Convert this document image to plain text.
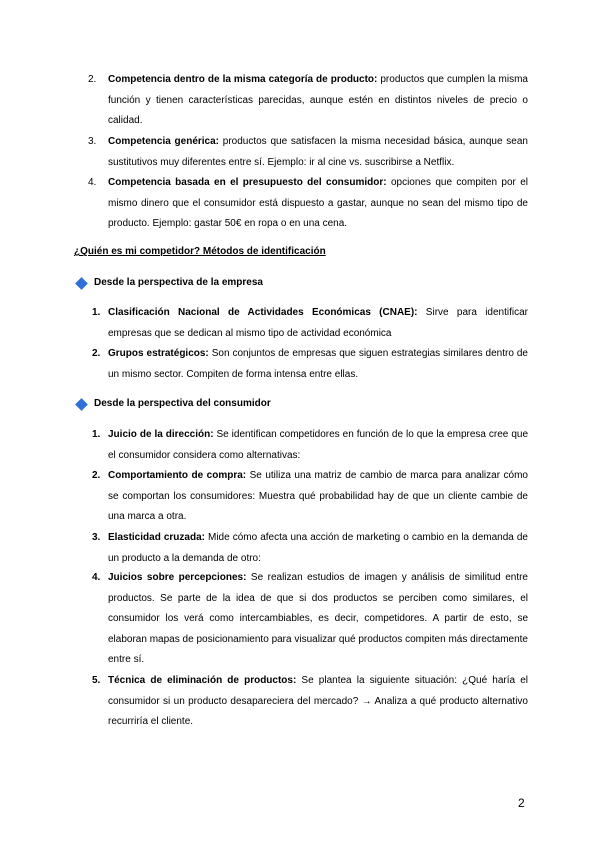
2.	Competencia dentro de la misma categoría de producto: productos que cumplen la misma función y tienen características parecidas, aunque estén en distintos niveles de precio o calidad.
3.	Competencia genérica: productos que satisfacen la misma necesidad básica, aunque sean sustitutivos muy diferentes entre sí. Ejemplo: ir al cine vs. suscribirse a Netflix.
4.	Competencia basada en el presupuesto del consumidor: opciones que compiten por el mismo dinero que el consumidor está dispuesto a gastar, aunque no sean del mismo tipo de producto. Ejemplo: gastar 50€ en ropa o en una cena.
¿Quién es mi competidor? Métodos de identificación
Desde la perspectiva de la empresa
1. Clasificación Nacional de Actividades Económicas (CNAE): Sirve para identificar empresas que se dedican al mismo tipo de actividad económica
2. Grupos estratégicos: Son conjuntos de empresas que siguen estrategias similares dentro de un mismo sector. Compiten de forma intensa entre ellas.
Desde la perspectiva del consumidor
1. Juicio de la dirección: Se identifican competidores en función de lo que la empresa cree que el consumidor considera como alternativas:
2. Comportamiento de compra: Se utiliza una matriz de cambio de marca para analizar cómo se comportan los consumidores: Muestra qué probabilidad hay de que un cliente cambie de una marca a otra.
3. Elasticidad cruzada: Mide cómo afecta una acción de marketing o cambio en la demanda de un producto a la demanda de otro:
4. Juicios sobre percepciones: Se realizan estudios de imagen y análisis de similitud entre productos. Se parte de la idea de que si dos productos se perciben como similares, el consumidor los verá como intercambiables, es decir, competidores. A partir de esto, se elaboran mapas de posicionamiento para visualizar qué productos compiten más directamente entre sí.
5. Técnica de eliminación de productos: Se plantea la siguiente situación: ¿Qué haría el consumidor si un producto desapareciera del mercado? → Analiza a qué producto alternativo recurriría el cliente.
2
